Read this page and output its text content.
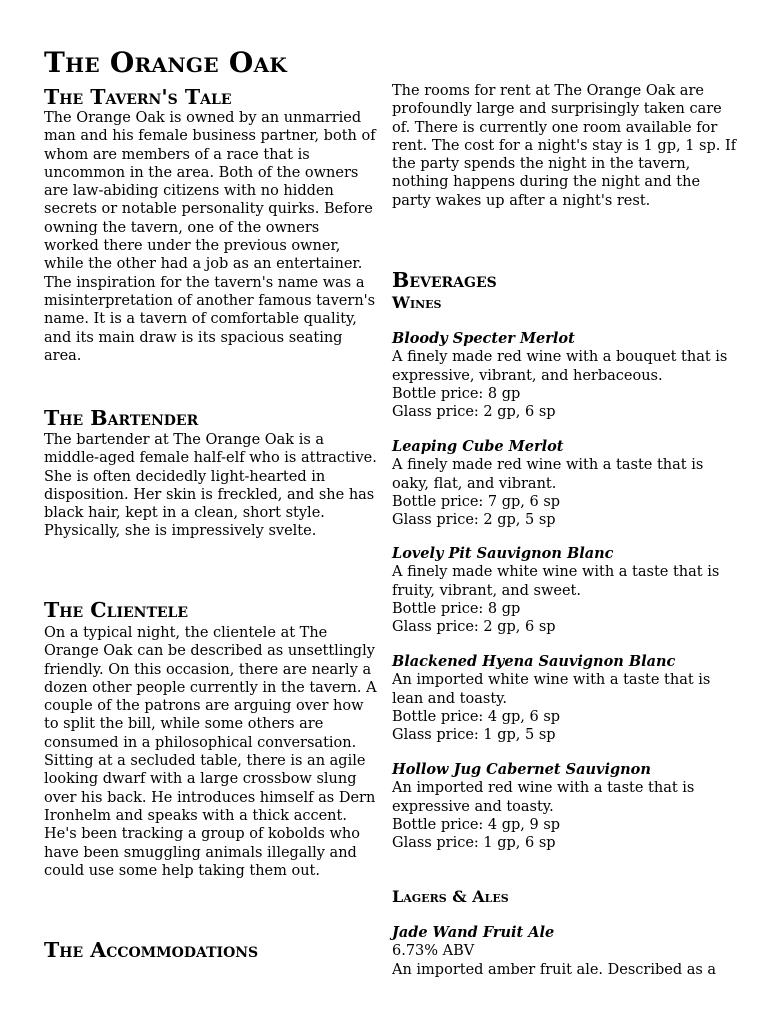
The Orange Oak
The Tavern's Tale

The Orange Oak is owned by an unmarried man and his female business partner, both of whom are members of a race that is uncommon in the area. Both of the owners are law-abiding citizens with no hidden secrets or notable personality quirks. Before owning the tavern, one of the owners worked there under the previous owner, while the other had a job as an entertainer. The inspiration for the tavern's name was a misinterpretation of another famous tavern's name. It is a tavern of comfortable quality, and its main draw is its spacious seating area.

The Bartender

The bartender at The Orange Oak is a middle-aged female half-elf who is attractive. She is often decidedly light-hearted in disposition. Her skin is freckled, and she has black hair, kept in a clean, short style. Physically, she is impressively svelte.

The Clientele

On a typical night, the clientele at The Orange Oak can be described as unsettlingly friendly. On this occasion, there are nearly a dozen other people currently in the tavern. A couple of the patrons are arguing over how to split the bill, while some others are consumed in a philosophical conversation. Sitting at a secluded table, there is an agile looking dwarf with a large crossbow slung over his back. He introduces himself as Dern Ironhelm and speaks with a thick accent. He's been tracking a group of kobolds who have been smuggling animals illegally and could use some help taking them out.

The Accommodations

The rooms for rent at The Orange Oak are profoundly large and surprisingly taken care of. There is currently one room available for rent. The cost for a night's stay is 1 gp, 1 sp. If the party spends the night in the tavern, nothing happens during the night and the party wakes up after a night's rest.

Beverages
Wines

Bloody Specter Merlot

A finely made red wine with a bouquet that is expressive, vibrant, and herbaceous.

Bottle price: 8 gp

Glass price: 2 gp, 6 sp

Leaping Cube Merlot

A finely made red wine with a taste that is oaky, flat, and vibrant.

Bottle price: 7 gp, 6 sp

Glass price: 2 gp, 5 sp

Lovely Pit Sauvignon Blanc

A finely made white wine with a taste that is fruity, vibrant, and sweet.

Bottle price: 8 gp

Glass price: 2 gp, 6 sp

Blackened Hyena Sauvignon Blanc

An imported white wine with a taste that is lean and toasty.

Bottle price: 4 gp, 6 sp

Glass price: 1 gp, 5 sp

Hollow Jug Cabernet Sauvignon

An imported red wine with a taste that is expressive and toasty.

Bottle price: 4 gp, 9 sp

Glass price: 1 gp, 6 sp

Lagers & Ales

Jade Wand Fruit Ale

6.73% ABV

An imported amber fruit ale. Described as a
